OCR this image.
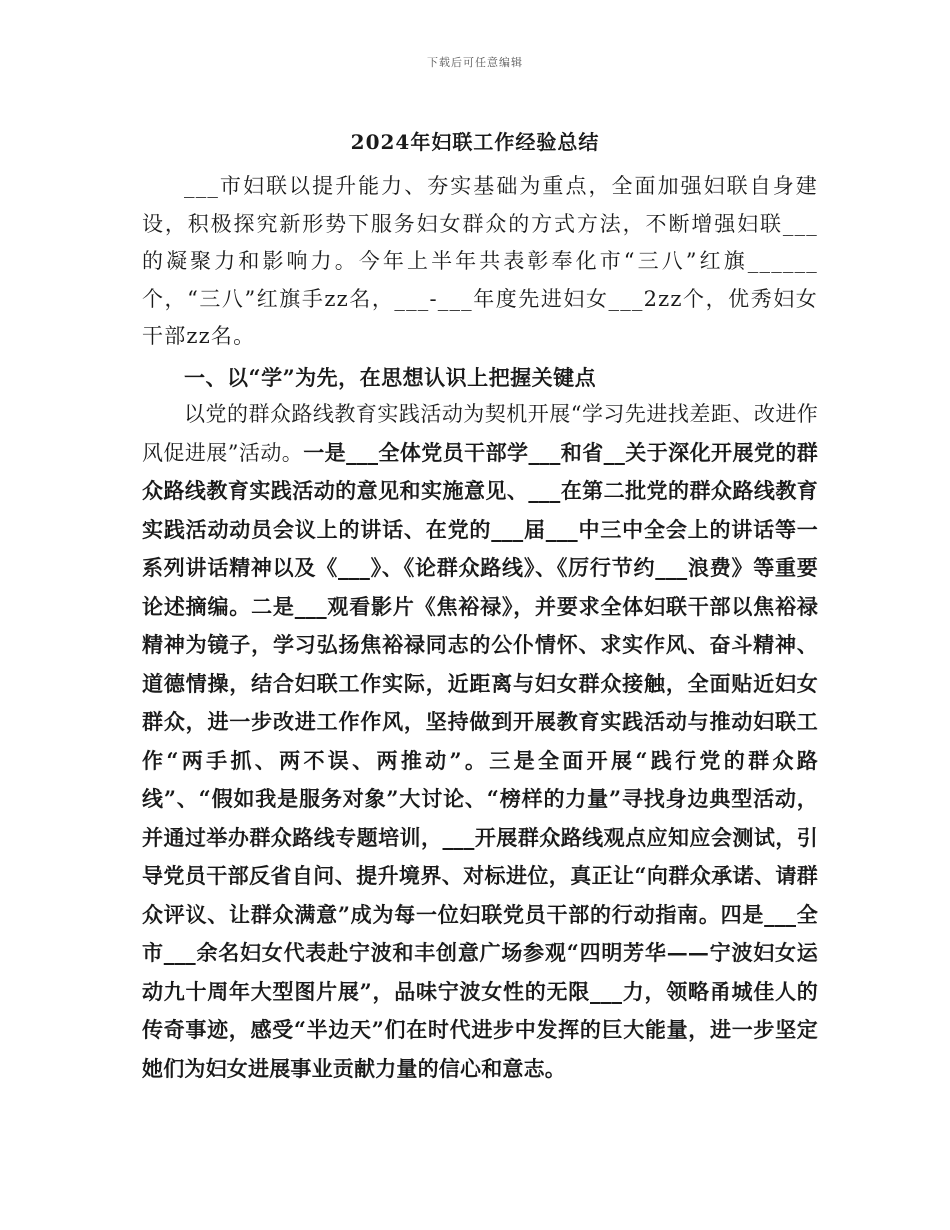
下载后可任意编辑
2024年妇联工作经验总结

___市妇联以提升能力、夯实基础为重点，全面加强妇联自身建设，积极探究新形势下服务妇女群众的方式方法，不断增强妇联___的凝聚力和影响力。今年上半年共表彰奉化市“三八”红旗______个，“三八”红旗手zz名，___-___年度先进妇女___2zz个，优秀妇女干部zz名。

一、以“学”为先，在思想认识上把握关键点

以党的群众路线教育实践活动为契机开展“学习先进找差距、改进作风促进展”活动。一是___全体党员干部学___和省__关于深化开展党的群众路线教育实践活动的意见和实施意见、___在第二批党的群众路线教育实践活动动员会议上的讲话、在党的___届___中三中全会上的讲话等一系列讲话精神以及《___》、《论群众路线》、《厉行节约___浪费》等重要论述摘编。二是___观看影片《焦裕禄》，并要求全体妇联干部以焦裕禄精神为镜子，学习弘扬焦裕禄同志的公仆情怀、求实作风、奋斗精神、道德情操，结合妇联工作实际，近距离与妇女群众接触，全面贴近妇女群众，进一步改进工作作风，坚持做到开展教育实践活动与推动妇联工作“两手抓、两不误、两推动”。三是全面开展“践行党的群众路线”、“假如我是服务对象”大讨论、“榜样的力量”寻找身边典型活动，并通过举办群众路线专题培训，___开展群众路线观点应知应会测试，引导党员干部反省自问、提升境界、对标进位，真正让“向群众承诺、请群众评议、让群众满意”成为每一位妇联党员干部的行动指南。四是___全市___余名妇女代表赴宁波和丰创意广场参观“四明芳华——宁波妇女运动九十周年大型图片展”，品味宁波女性的无限___力，领略甬城佳人的传奇事迹，感受“半边天”们在时代进步中发挥的巨大能量，进一步坚定她们为妇女进展事业贡献力量的信心和意志。
